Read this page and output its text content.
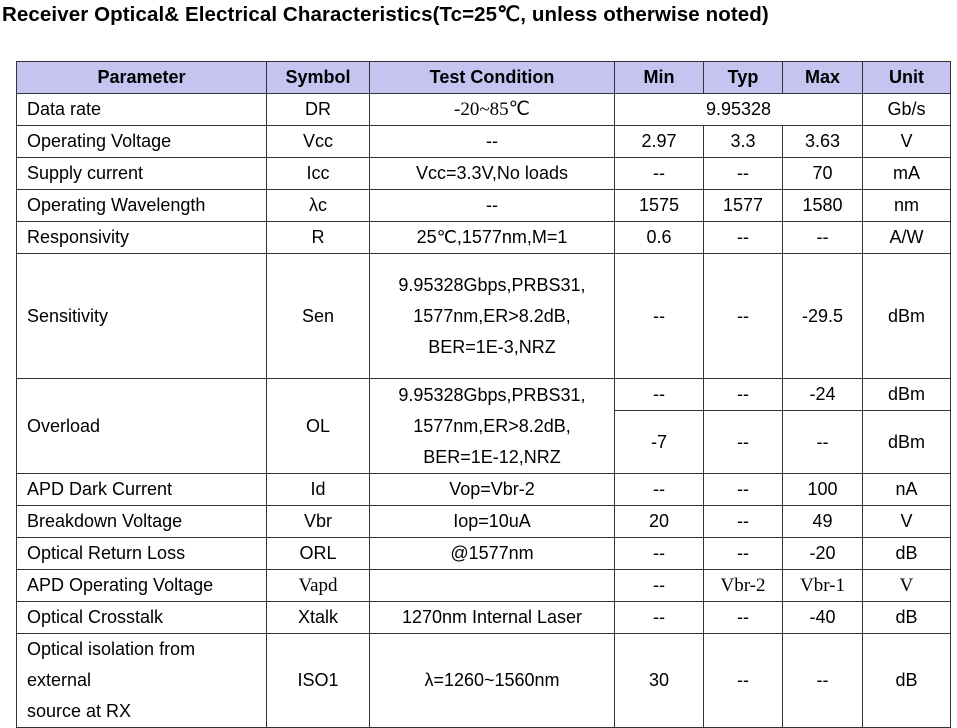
Receiver Optical& Electrical Characteristics(Tc=25℃, unless otherwise noted)
Parameter	Symbol	Test Condition	Min	Typ	Max	Unit
Data rate	DR	-20~85℃	9.95328			Gb/s
Operating Voltage	Vcc	--	2.97	3.3	3.63	V
Supply current	Icc	Vcc=3.3V,No loads	--	--	70	mA
Operating Wavelength	λc	--	1575	1577	1580	nm
Responsivity	R	25℃,1577nm,M=1	0.6	--	--	A/W
Sensitivity	Sen	9.95328Gbps,PRBS31,
1577nm,ER>8.2dB,
BER=1E-3,NRZ	--	--	-29.5	dBm

Overload	OL	9.95328Gbps,PRBS31,
1577nm,ER>8.2dB,
BER=1E-12,NRZ	--	--	-24	dBm
			-7	--	--	dBm
APD Dark Current	Id	Vop=Vbr-2	--	--	100	nA
Breakdown Voltage	Vbr	Iop=10uA	20	--	49	V
Optical Return Loss	ORL	@1577nm	--	--	-20	dB
APD Operating Voltage	Vapd		--	Vbr-2	Vbr-1	V
Optical Crosstalk	Xtalk	1270nm Internal Laser	--	--	-40	dB

Optical isolation from
external
source at RX	ISO1	λ=1260~1560nm	30	--	--	dB
